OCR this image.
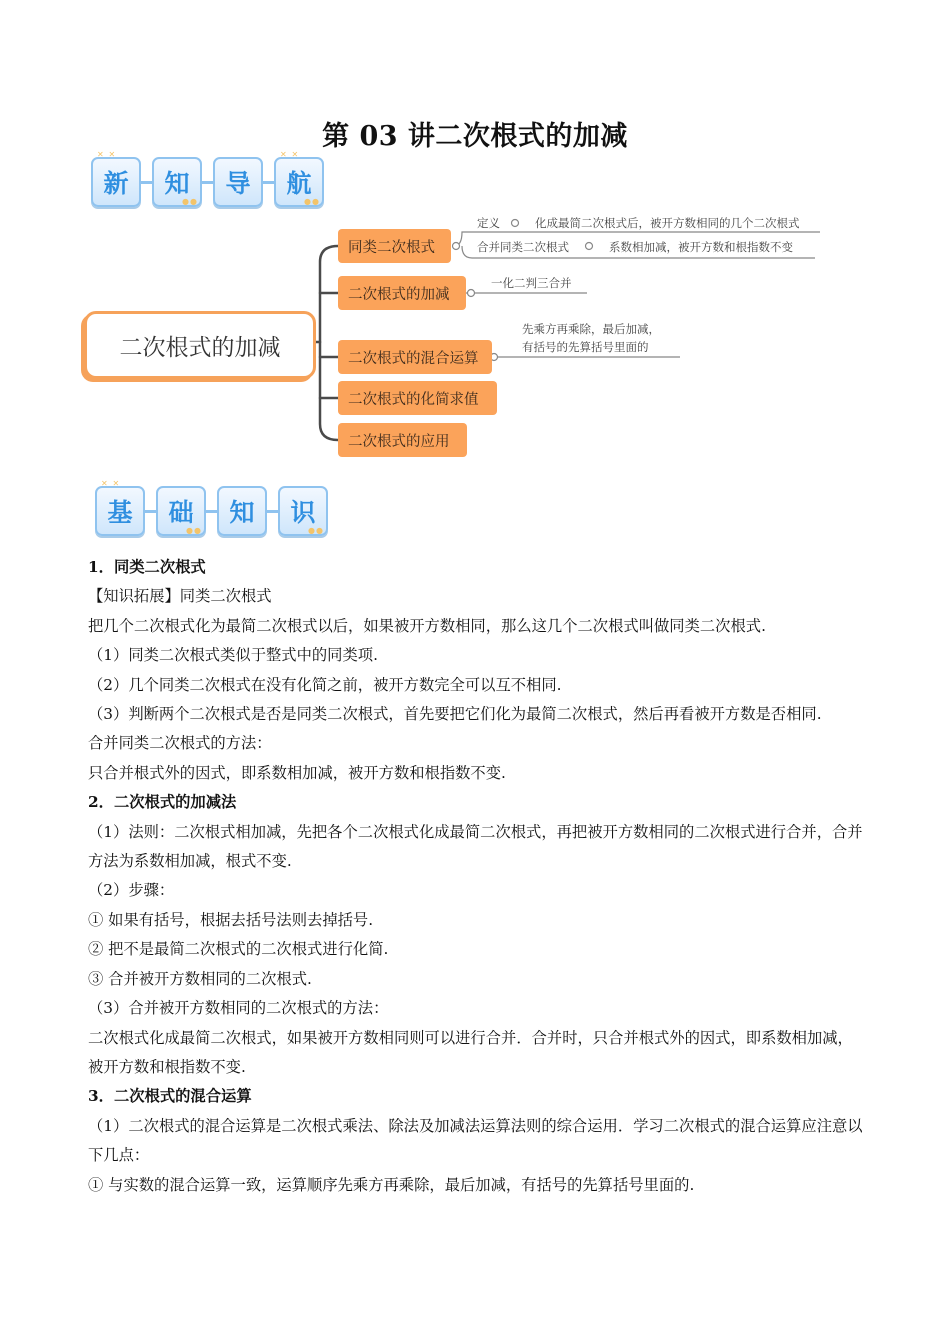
第 03 讲二次根式的加减
✕ ✕
新 知
●●
导
✕ ✕
航
●●
二次根式的加减
同类二次根式
二次根式的加减
二次根式的混合运算
二次根式的化简求值
二次根式的应用
定义	化成最简二次根式后，被开方数相同的几个二次根式
合并同类二次根式	系数相加减，被开方数和根指数不变
一化二判三合并
先乘方再乘除，最后加减，
有括号的先算括号里面的
✕ ✕
基 础
●●
知 识
●●

1．同类二次根式

【知识拓展】同类二次根式

把几个二次根式化为最简二次根式以后，如果被开方数相同，那么这几个二次根式叫做同类二次根式.

（1）同类二次根式类似于整式中的同类项.

（2）几个同类二次根式在没有化简之前，被开方数完全可以互不相同.

（3）判断两个二次根式是否是同类二次根式，首先要把它们化为最简二次根式，然后再看被开方数是否相同.

合并同类二次根式的方法：

只合并根式外的因式，即系数相加减，被开方数和根指数不变.

2．二次根式的加减法

（1）法则：二次根式相加减，先把各个二次根式化成最简二次根式，再把被开方数相同的二次根式进行合并，合并方法为系数相加减，根式不变.

（2）步骤：

① 如果有括号，根据去括号法则去掉括号.

② 把不是最简二次根式的二次根式进行化简.

③ 合并被开方数相同的二次根式.

（3）合并被开方数相同的二次根式的方法：

二次根式化成最简二次根式，如果被开方数相同则可以进行合并．合并时，只合并根式外的因式，即系数相加减，被开方数和根指数不变.

3．二次根式的混合运算

（1）二次根式的混合运算是二次根式乘法、除法及加减法运算法则的综合运用．学习二次根式的混合运算应注意以下几点：

① 与实数的混合运算一致，运算顺序先乘方再乘除，最后加减，有括号的先算括号里面的.
